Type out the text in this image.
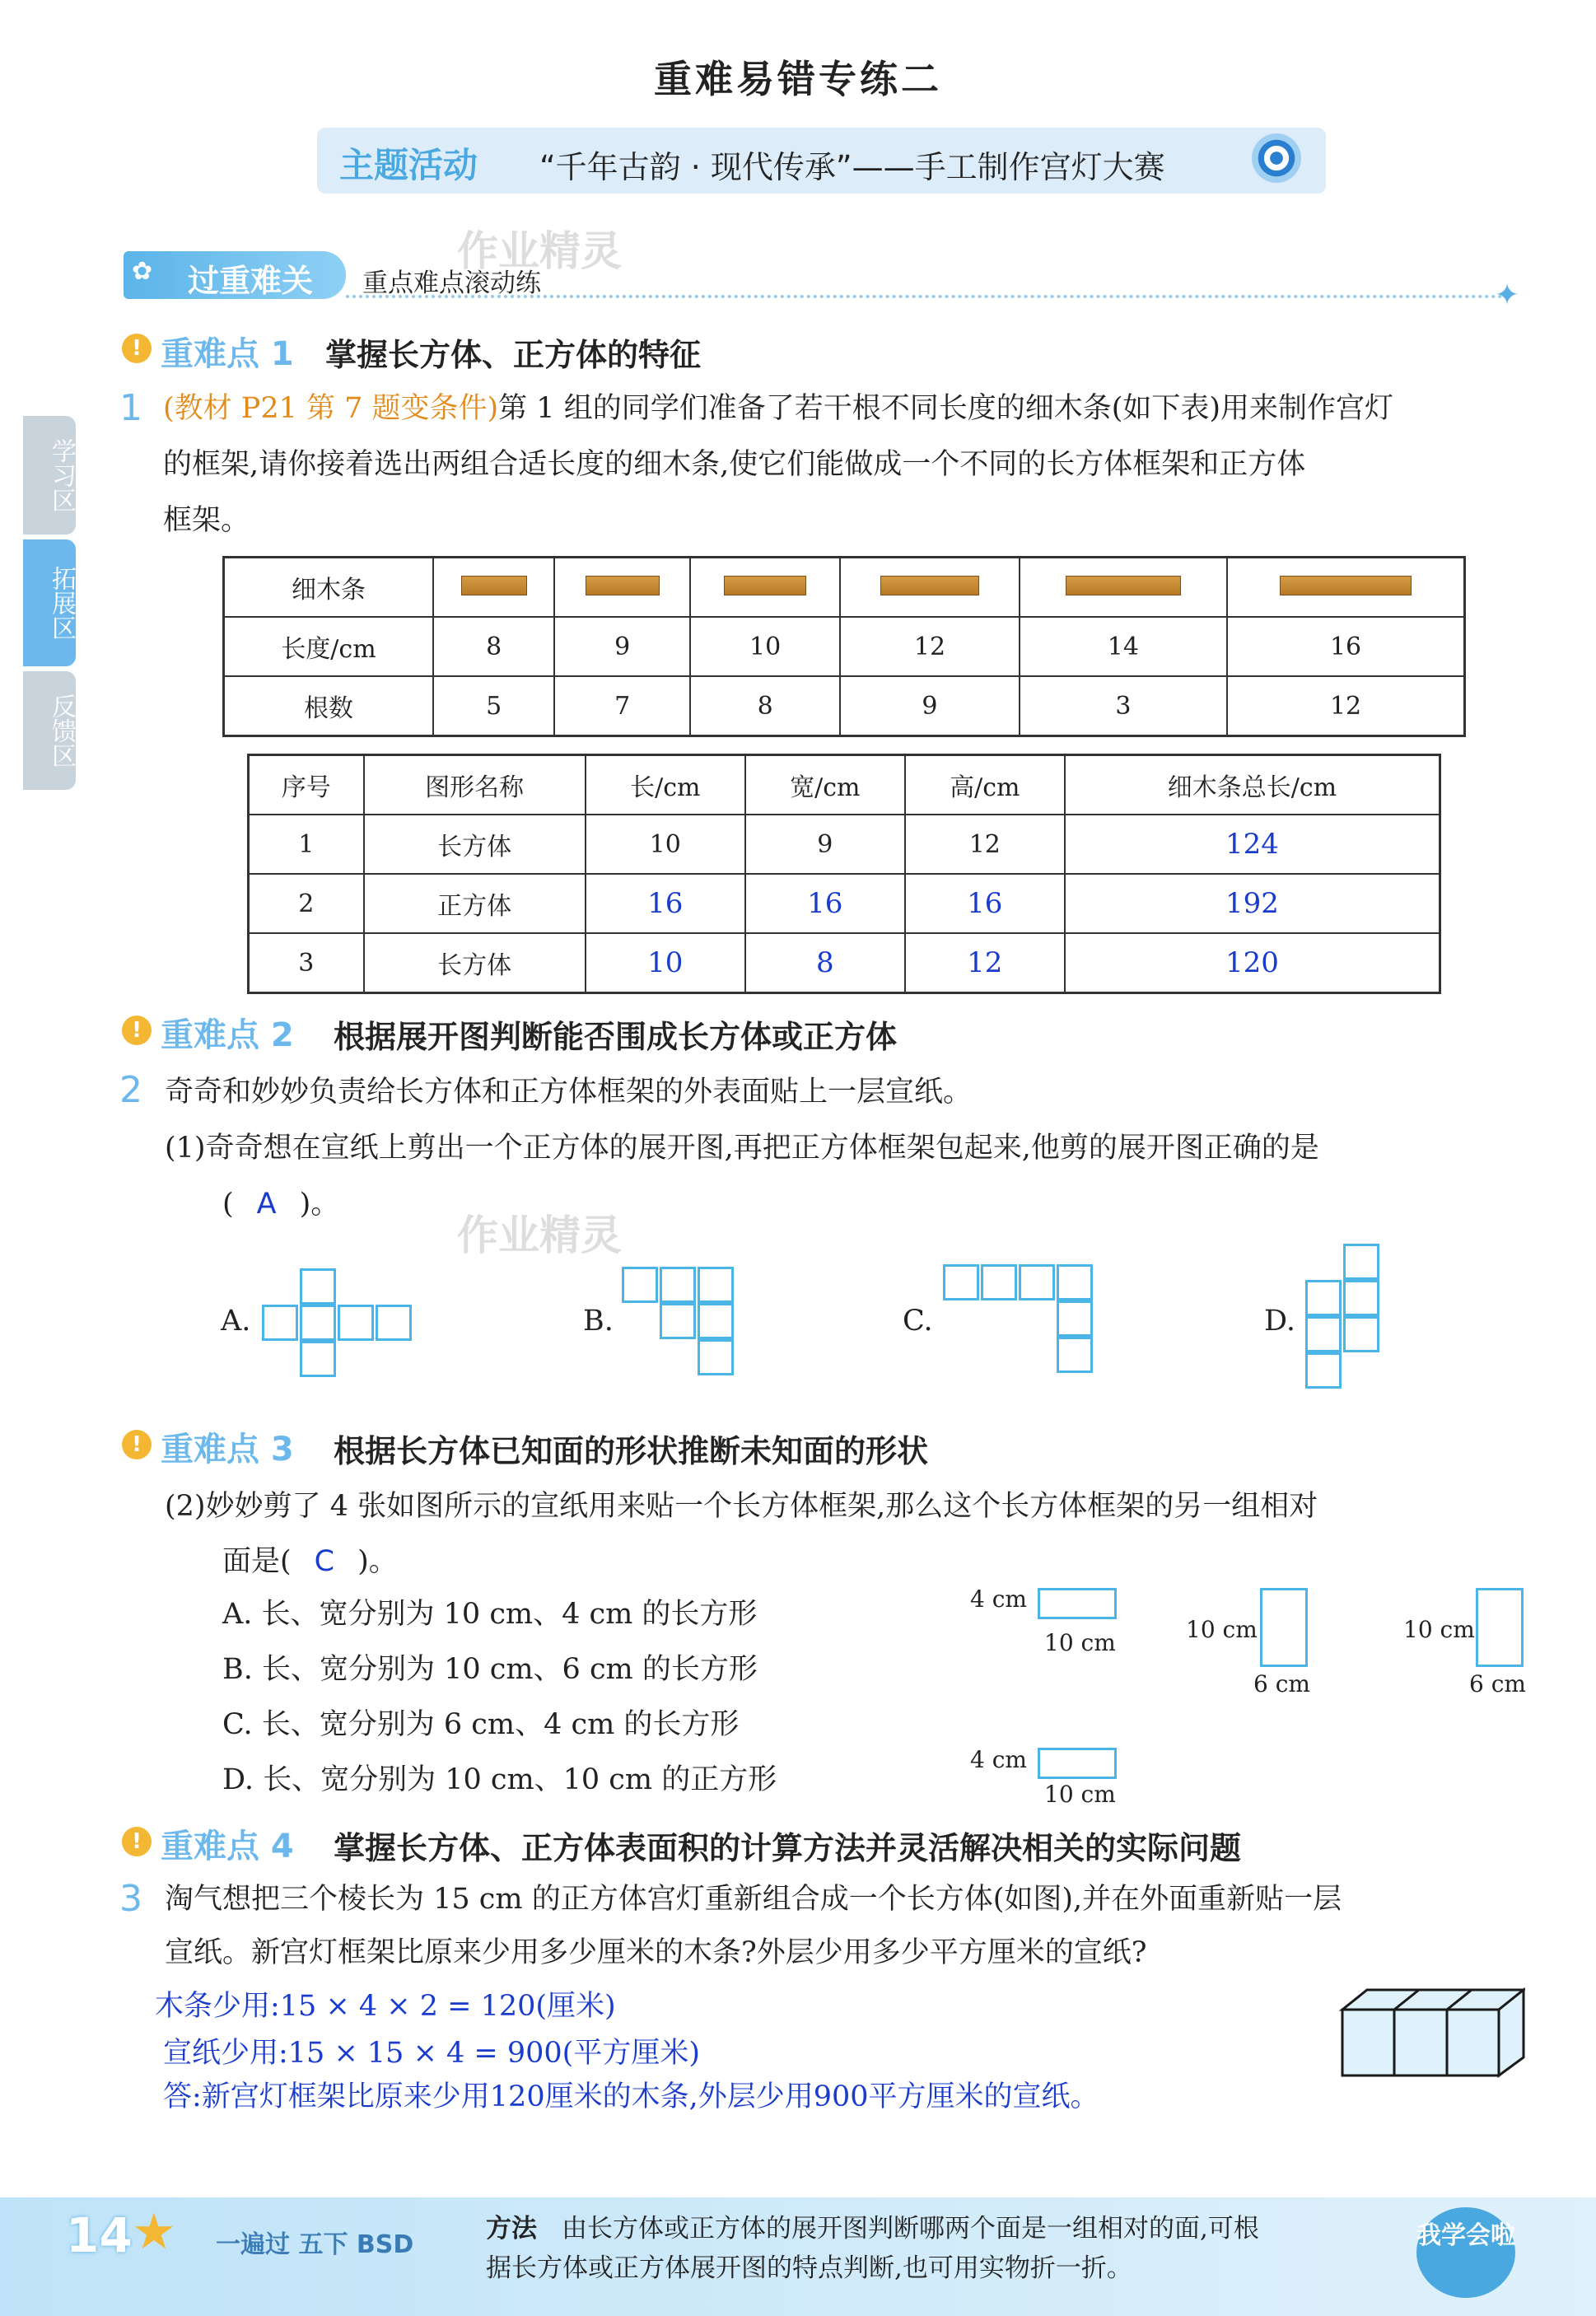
重难易错专练二
主题活动 “千年古韵 · 现代传承”——手工制作宫灯大赛
✿ 过重难关 重点难点滚动练	✦
作业精灵
学习区
拓展区
反馈区
! 重难点 1 掌握长方体、正方体的特征
1 (教材 P21 第 7 题变条件)第 1 组的同学们准备了若干根不同长度的细木条(如下表)用来制作宫灯
的框架,请你接着选出两组合适长度的细木条,使它们能做成一个不同的长方体框架和正方体
框架。
细木条						
长度/cm	8	9	10	12	14	16
根数	5	7	8	9	3	12
序号	图形名称	长/cm	宽/cm	高/cm	细木条总长/cm
1	长方体	10	9	12	124
2	正方体	16	16	16	192
3	长方体	10	8	12	120
! 重难点 2 根据展开图判断能否围成长方体或正方体
2 奇奇和妙妙负责给长方体和正方体框架的外表面贴上一层宣纸。
(1)奇奇想在宣纸上剪出一个正方体的展开图,再把正方体框架包起来,他剪的展开图正确的是
( A )。
作业精灵
A.	B.	C.	D.
! 重难点 3 根据长方体已知面的形状推断未知面的形状
(2)妙妙剪了 4 张如图所示的宣纸用来贴一个长方体框架,那么这个长方体框架的另一组相对
面是( C )。
A. 长、宽分别为 10 cm、4 cm 的长方形
B. 长、宽分别为 10 cm、6 cm 的长方形
C. 长、宽分别为 6 cm、4 cm 的长方形
D. 长、宽分别为 10 cm、10 cm 的正方形
4 cm
10 cm	10 cm
6 cm
10 cm
6 cm
4 cm
10 cm
! 重难点 4 掌握长方体、正方体表面积的计算方法并灵活解决相关的实际问题
3 淘气想把三个棱长为 15 cm 的正方体宫灯重新组合成一个长方体(如图),并在外面重新贴一层
宣纸。新宫灯框架比原来少用多少厘米的木条?外层少用多少平方厘米的宣纸?
木条少用:15 × 4 × 2 = 120(厘米)
宣纸少用:15 × 15 × 4 = 900(平方厘米)
答:新宫灯框架比原来少用120厘米的木条,外层少用900平方厘米的宣纸。
14 ★ 一遍过 五下 BSD
方法 由长方体或正方体的展开图判断哪两个面是一组相对的面,可根
据长方体或正方体展开图的特点判断,也可用实物折一折。
我学会啦
